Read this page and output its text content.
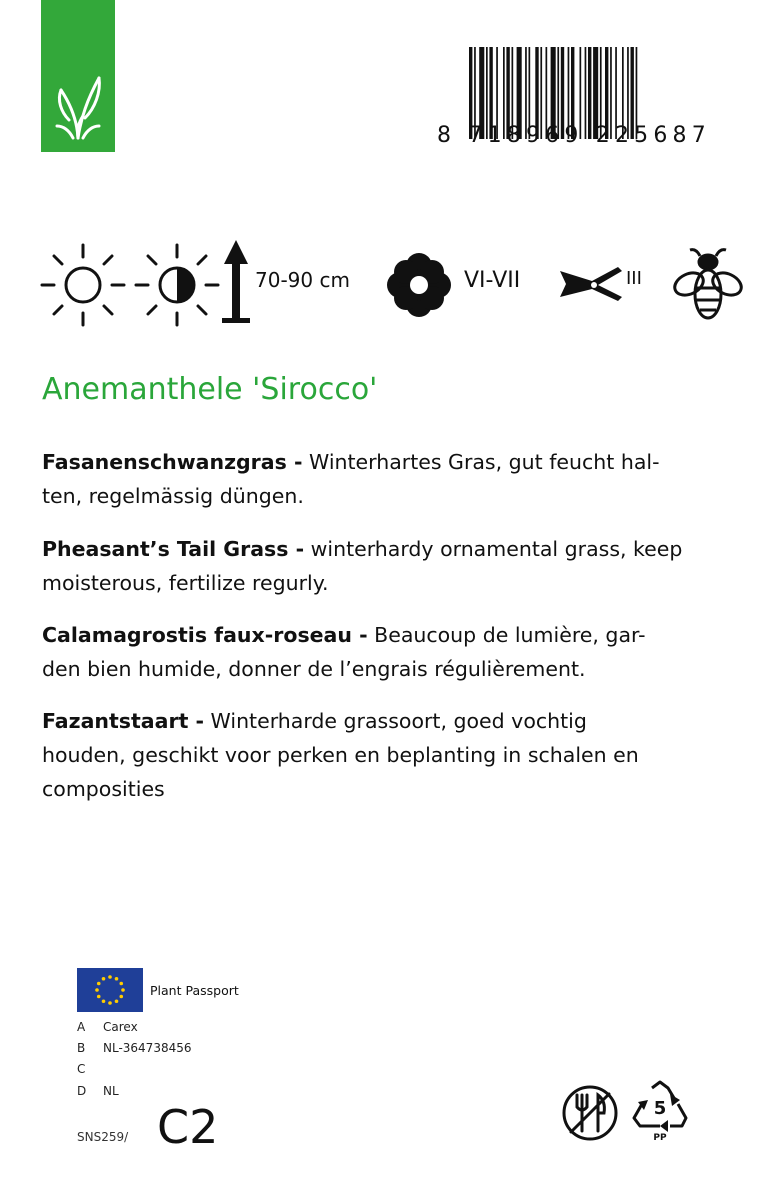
8 718969 225687
70-90 cm	VI-VII	III
Anemanthele 'Sirocco'
Fasanenschwanzgras - Winterhartes Gras, gut feucht hal-
ten, regelmässig düngen.
Pheasant’s Tail Grass - winterhardy ornamental grass, keep
moisterous, fertilize regurly.
Calamagrostis faux-roseau - Beaucoup de lumière, gar-
den bien humide, donner de l’engrais régulièrement.
Fazantstaart - Winterharde grassoort, goed vochtig
houden, geschikt voor perken en beplanting in schalen en
composities
Plant Passport
A Carex
B NL-364738456
C
D NL
SNS259/ C2	5
PP
